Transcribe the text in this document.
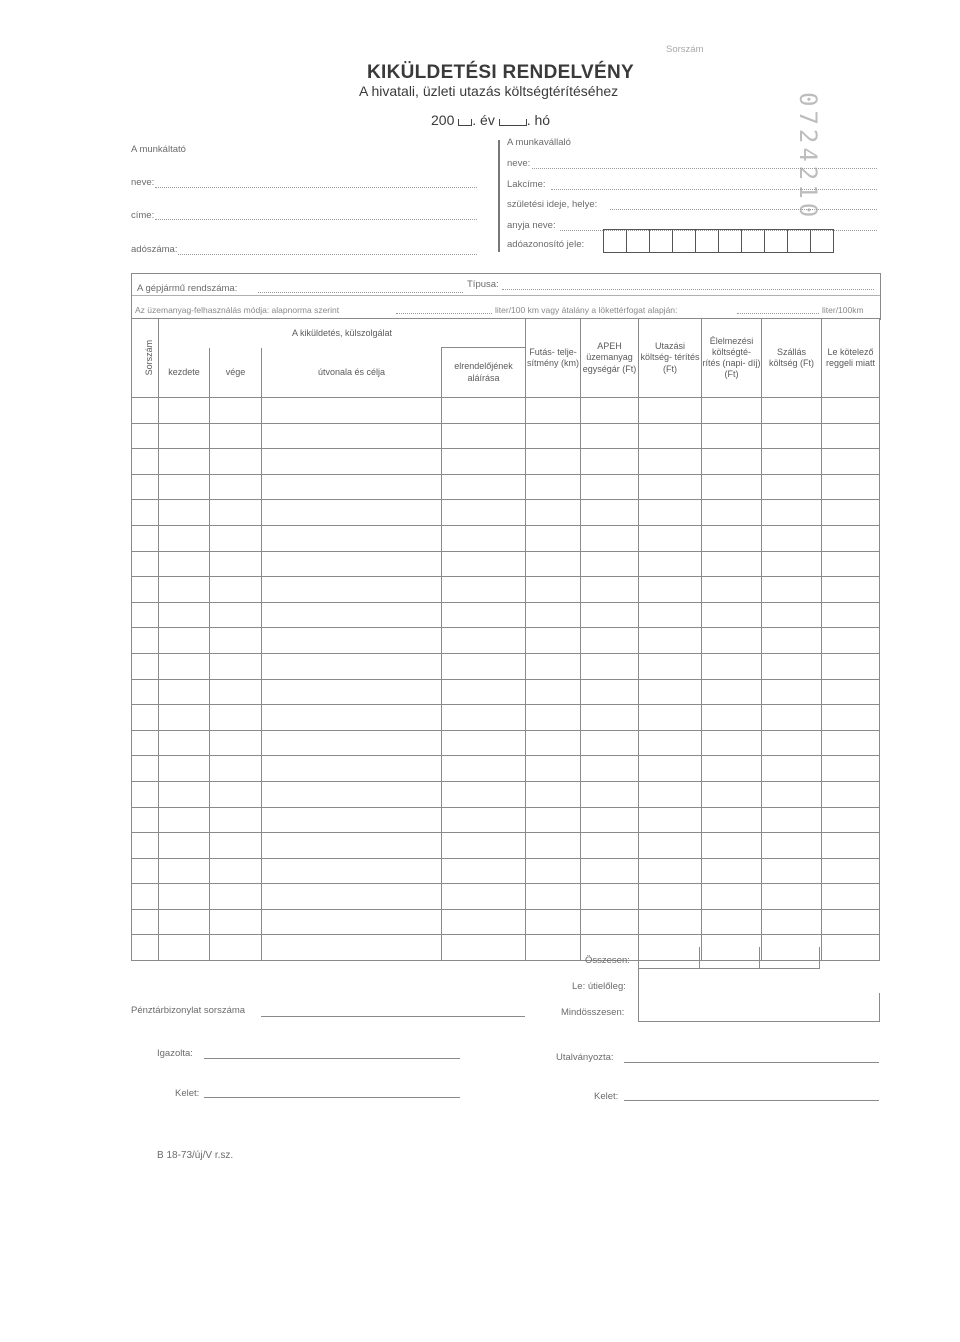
KIKÜLDETÉSI RENDELVÉNY
A hivatali, üzleti utazás költségtérítéséhez
200 . év . hó
Sorszám
0724210
A munkáltató
neve:
címe:
adószáma:
A munkavállaló
neve:
Lakcíme:
születési ideje, helye:
anyja neve:
adóazonosító jele:
A gépjármű rendszáma:	Típusa:
Az üzemanyag-felhasználás módja: alapnorma szerint	liter/100 km vagy átalány a lökettérfogat alapján:	liter/100km
Sorszám	A kiküldetés, külszolgálat				Futás- telje- sítmény (km)	APEH üzemanyag egységár (Ft)	Utazási költség- térítés (Ft)	Élelmezési költségté- rítés (napi- díj) (Ft)	Szállás költség (Ft)	Le kötelező reggeli miatt
	kezdete	vége	útvonala és célja	elrendelőjének aláírása						

Összesen:
Le: útielőleg:
Mindösszesen:
Pénztárbizonylat sorszáma
Igazolta:
Kelet:
Utalványozta:
Kelet:
B 18-73/új/V r.sz.
